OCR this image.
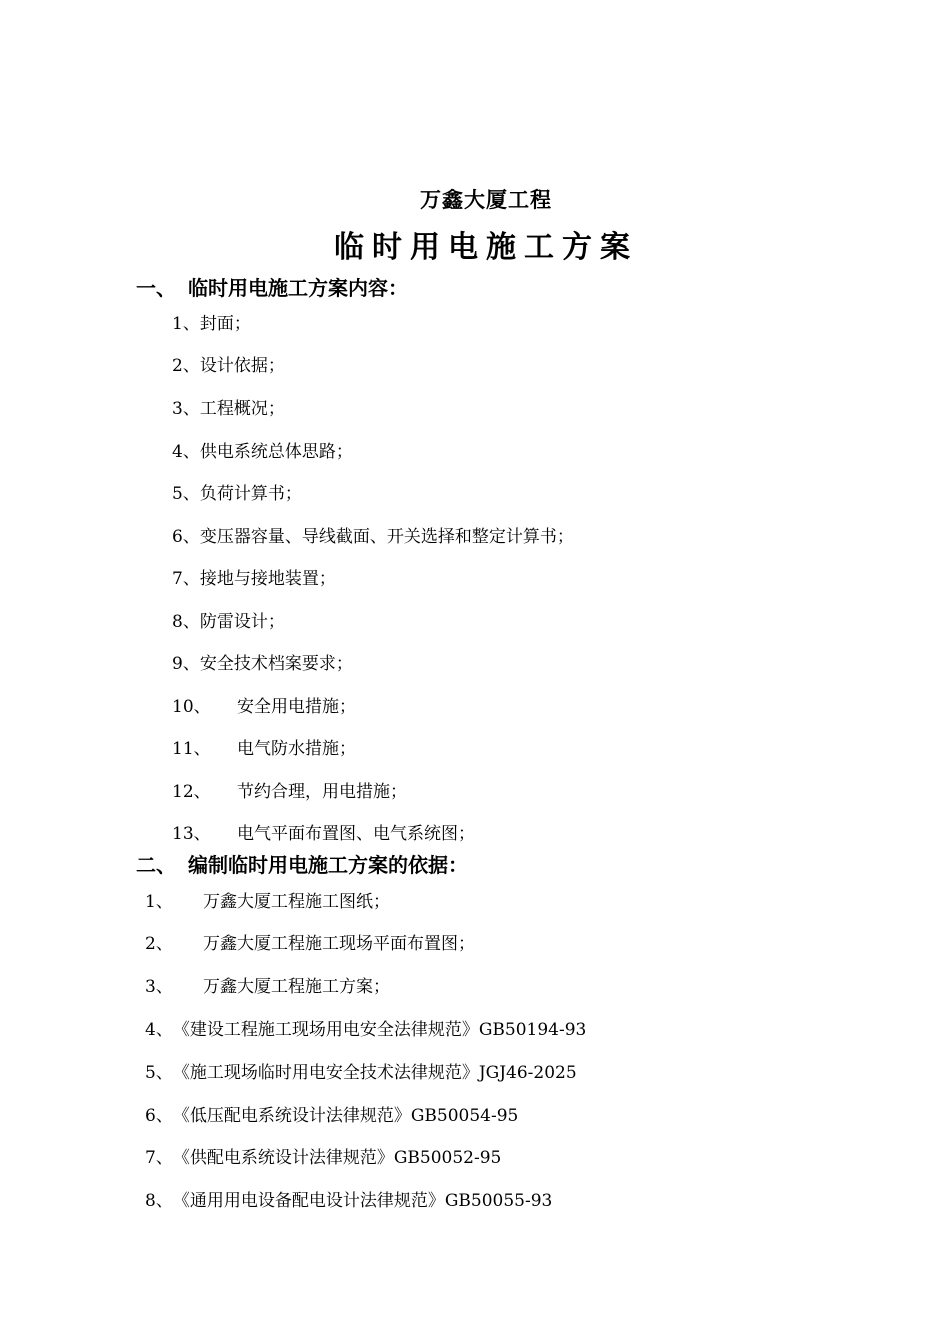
万鑫大厦工程
临时用电施工方案
一、 临时用电施工方案内容：
1、封面；
2、设计依据；
3、工程概况；
4、供电系统总体思路；
5、负荷计算书；
6、变压器容量、导线截面、开关选择和整定计算书；
7、接地与接地装置；
8、防雷设计；
9、安全技术档案要求；
10、 安全用电措施；
11、 电气防水措施；
12、 节约合理，用电措施；
13、 电气平面布置图、电气系统图；
二、 编制临时用电施工方案的依据：
1、 万鑫大厦工程施工图纸；
2、 万鑫大厦工程施工现场平面布置图；
3、 万鑫大厦工程施工方案；
4、《建设工程施工现场用电安全法律规范》GB50194-93
5、《施工现场临时用电安全技术法律规范》JGJ46-2025
6、《低压配电系统设计法律规范》GB50054-95
7、《供配电系统设计法律规范》GB50052-95
8、《通用用电设备配电设计法律规范》GB50055-93
